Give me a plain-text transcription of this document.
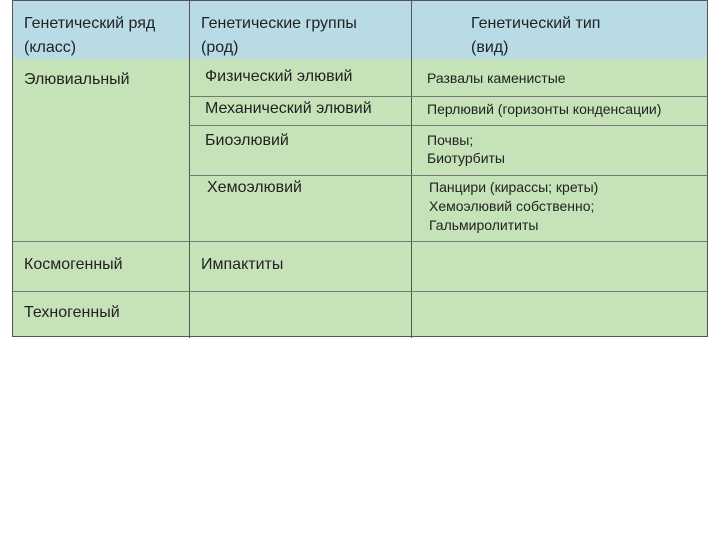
Генетический ряд
(класс)
Генетические группы
(род)
Генетический тип
(вид)
Элювиальный
Космогенный
Техногенный
Физический элювий
Механический элювий
Биоэлювий
Хемоэлювий
Импактиты
Развалы каменистые
Перлювий (горизонты конденсации)
Почвы;
Биотурбиты
Панцири (кирассы; креты)
Хемоэлювий собственно;
Гальмиролититы
